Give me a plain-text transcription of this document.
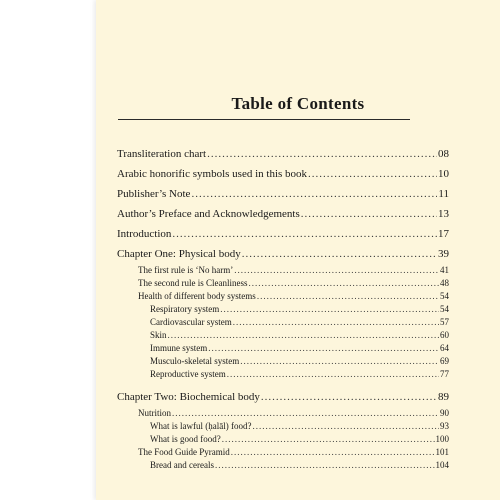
Table of Contents
Transliteration chart .....	08
Arabic honorific symbols used in this book .....	10
Publisher’s Note .....	11
Author’s Preface and Acknowledgements .....	13
Introduction .....	17
Chapter One: Physical body .....	39
The first rule is ‘No harm’ .....	41
The second rule is Cleanliness .....	48
Health of different body systems .....	54
Respiratory system .....	54
Cardiovascular system .....	57
Skin .....	60
Immune system .....	64
Musculo-skeletal system .....	69
Reproductive system .....	77
Chapter Two: Biochemical body .....	89
Nutrition .....	90
What is lawful (ḥalāl) food? .....	93
What is good food? .....	100
The Food Guide Pyramid .....	101
Bread and cereals .....	104
